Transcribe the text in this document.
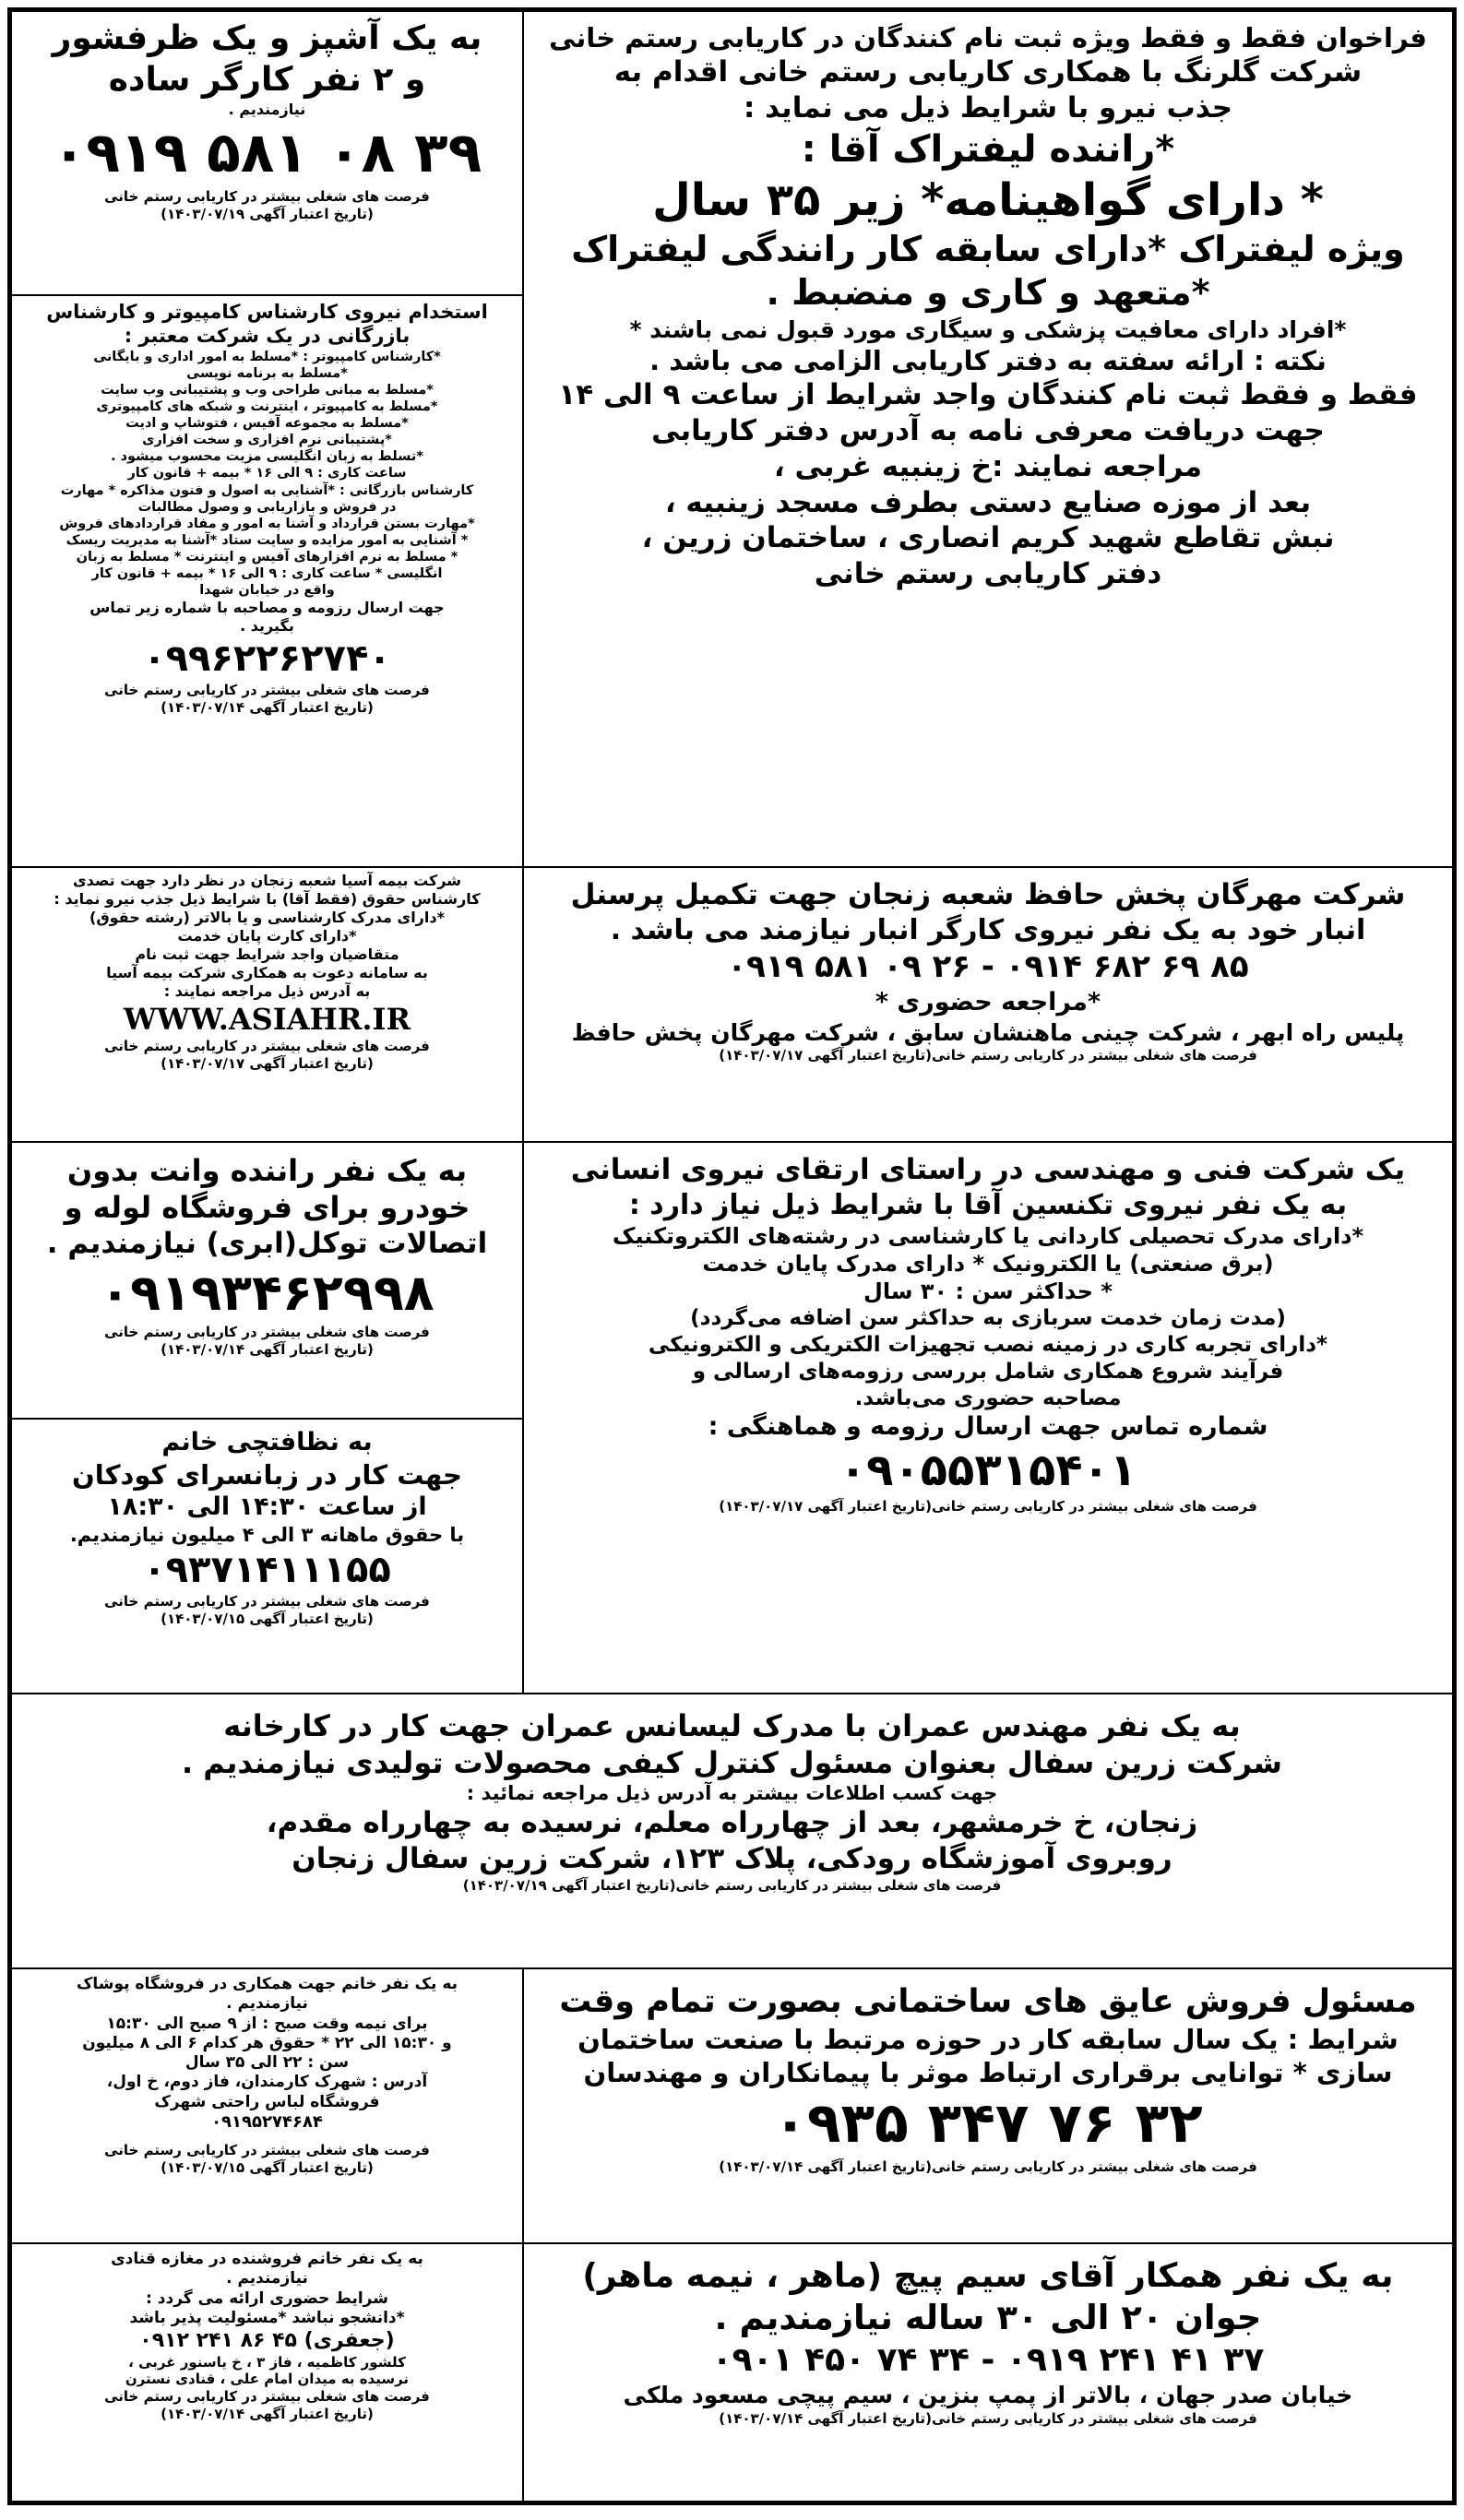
فراخوان فقط و فقط ویژه ثبت نام کنندگان در کاریابی رستم خانی

شرکت گلرنگ با همکاری کاریابی رستم خانی اقدام به

جذب نیرو با شرایط ذیل می نماید :

*راننده لیفتراک آقا :

* دارای گواهینامه* زیر ۳۵ سال

ویژه لیفتراک *دارای سابقه کار رانندگی لیفتراک

*متعهد و کاری و منضبط .

*افراد دارای معافیت پزشکی و سیگاری مورد قبول نمی باشند *

نکته : ارائه سفته به دفتر کاریابی الزامی می باشد .

فقط و فقط ثبت نام کنندگان واجد شرایط از ساعت ۹ الی ۱۴

جهت دریافت معرفی نامه به آدرس دفتر کاریابی

مراجعه نمایند :خ زینبیه غربی ،

بعد از موزه صنایع دستی بطرف مسجد زینبیه ،

نبش تقاطع شهید کریم انصاری ، ساختمان زرین ،

دفتر کاریابی رستم خانی

به یک آشپز و یک ظرفشور

و ۲ نفر کارگر ساده

نیازمندیم .

۰۹۱۹ ۵۸۱ ۰۸ ۳۹

فرصت های شغلی بیشتر در کاریابی رستم خانی

(تاریخ اعتبار آگهی ۱۴۰۳/۰۷/۱۹)

استخدام نیروی کارشناس کامپیوتر و کارشناس

بازرگانی در یک شرکت معتبر :

*کارشناس کامپیوتر : *مسلط به امور اداری و بایگانی

*مسلط به برنامه نویسی

*مسلط به مبانی طراحی وب و پشتیبانی وب سایت

*مسلط به کامپیوتر ، اینترنت و شبکه های کامپیوتری

*مسلط به مجموعه آفیس ، فتوشاپ و ادیت

*پشتیبانی نرم افزاری و سخت افزاری

*تسلط به زبان انگلیسی مزیت محسوب میشود .

ساعت کاری : ۹ الی ۱۶ * بیمه + قانون کار

کارشناس بازرگانی : *آشنایی به اصول و فنون مذاکره * مهارت

در فروش و بازاریابی و وصول مطالبات

*مهارت بستن قرارداد و آشنا به امور و مفاد قراردادهای فروش

* آشنایی به امور مزایده و سایت ستاد *آشنا به مدیریت ریسک

* مسلط به نرم افزارهای آفیس و اینترنت * مسلط به زبان

انگلیسی * ساعت کاری : ۹ الی ۱۶ * بیمه + قانون کار

واقع در خیابان شهدا

جهت ارسال رزومه و مصاحبه با شماره زیر تماس

بگیرید .

۰۹۹۶۲۲۶۲۷۴۰

فرصت های شغلی بیشتر در کاریابی رستم خانی

(تاریخ اعتبار آگهی ۱۴۰۳/۰۷/۱۴)

شرکت مهرگان پخش حافظ شعبه زنجان جهت تکمیل پرسنل

انبار خود به یک نفر نیروی کارگر انبار نیازمند می باشد .

۰۹۱۹ ۵۸۱ ۰۹ ۲۶ - ۰۹۱۴ ۶۸۲ ۶۹ ۸۵

*مراجعه حضوری *

پلیس راه ابهر ، شرکت چینی ماهنشان سابق ، شرکت مهرگان پخش حافظ

فرصت های شغلی بیشتر در کاریابی رستم خانی(تاریخ اعتبار آگهی ۱۴۰۳/۰۷/۱۷)

شرکت بیمه آسیا شعبه زنجان در نظر دارد جهت تصدی

کارشناس حقوق (فقط آقا) با شرایط ذیل جذب نیرو نماید :

*دارای مدرک کارشناسی و یا بالاتر (رشته حقوق)

*دارای کارت پایان خدمت

متقاضیان واجد شرایط جهت ثبت نام

به سامانه دعوت به همکاری شرکت بیمه آسیا

به آدرس ذیل مراجعه نمایند :

WWW.ASIAHR.IR

فرصت های شغلی بیشتر در کاریابی رستم خانی

(تاریخ اعتبار آگهی ۱۴۰۳/۰۷/۱۷)

یک شرکت فنی و مهندسی در راستای ارتقای نیروی انسانی

به یک نفر نیروی تکنسین آقا با شرایط ذیل نیاز دارد :

*دارای مدرک تحصیلی کاردانی یا کارشناسی در رشته‌های الکتروتکنیک

(برق صنعتی) یا الکترونیک * دارای مدرک پایان خدمت

* حداکثر سن : ۳۰ سال

(مدت زمان خدمت سربازی به حداکثر سن اضافه می‌گردد)

*دارای تجربه کاری در زمینه نصب تجهیزات الکتریکی و الکترونیکی

فرآیند شروع همکاری شامل بررسی رزومه‌های ارسالی و

مصاحبه حضوری می‌باشد.

شماره تماس جهت ارسال رزومه و هماهنگی :

۰۹۰۵۵۳۱۵۴۰۱

فرصت های شغلی بیشتر در کاریابی رستم خانی(تاریخ اعتبار آگهی ۱۴۰۳/۰۷/۱۷)

به یک نفر راننده وانت بدون

خودرو برای فروشگاه لوله و

اتصالات توکل(ابری) نیازمندیم .

۰۹۱۹۳۴۶۲۹۹۸

فرصت های شغلی بیشتر در کاریابی رستم خانی

(تاریخ اعتبار آگهی ۱۴۰۳/۰۷/۱۴)

به نظافتچی خانم

جهت کار در زبانسرای کودکان

از ساعت ۱۴:۳۰ الی ۱۸:۳۰

با حقوق ماهانه ۳ الی ۴ میلیون نیازمندیم.

۰۹۳۷۱۴۱۱۱۵۵

فرصت های شغلی بیشتر در کاریابی رستم خانی

(تاریخ اعتبار آگهی ۱۴۰۳/۰۷/۱۵)

به یک نفر مهندس عمران با مدرک لیسانس عمران جهت کار در کارخانه

شرکت زرین سفال بعنوان مسئول کنترل کیفی محصولات تولیدی نیازمندیم .

جهت کسب اطلاعات بیشتر به آدرس ذیل مراجعه نمائید :

زنجان، خ خرمشهر، بعد از چهارراه معلم، نرسیده به چهارراه مقدم،

روبروی آموزشگاه رودکی، پلاک ۱۲۳، شرکت زرین سفال زنجان

فرصت های شغلی بیشتر در کاریابی رستم خانی(تاریخ اعتبار آگهی ۱۴۰۳/۰۷/۱۹)

به یک نفر خانم جهت همکاری در فروشگاه پوشاک

نیازمندیم .

برای نیمه وقت صبح : از ۹ صبح الی ۱۵:۳۰

و ۱۵:۳۰ الی ۲۲ * حقوق هر کدام ۶ الی ۸ میلیون

سن : ۲۲ الی ۳۵ سال

آدرس : شهرک کارمندان، فاز دوم، خ اول،

فروشگاه لباس راحتی شهرک

۰۹۱۹۵۲۷۴۶۸۴

فرصت های شغلی بیشتر در کاریابی رستم خانی

(تاریخ اعتبار آگهی ۱۴۰۳/۰۷/۱۵)

مسئول فروش عایق های ساختمانی بصورت تمام وقت

شرایط : یک سال سابقه کار در حوزه مرتبط با صنعت ساختمان

سازی * توانایی برقراری ارتباط موثر با پیمانکاران و مهندسان

۰۹۳۵ ۳۴۷ ۷۶ ۳۲

فرصت های شغلی بیشتر در کاریابی رستم خانی(تاریخ اعتبار آگهی ۱۴۰۳/۰۷/۱۴)

به یک نفر خانم فروشنده در مغازه قنادی

نیازمندیم .

شرایط حضوری ارائه می گردد :

*دانشجو نباشد *مسئولیت پذیر باشد

(جعفری) ۰۹۱۲ ۲۴۱ ۸۶ ۴۵

کلشور کاظمیه ، فاز ۳ ، خ یاسنور غربی ،

نرسیده به میدان امام علی ، قنادی نسترن

فرصت های شغلی بیشتر در کاریابی رستم خانی

(تاریخ اعتبار آگهی ۱۴۰۳/۰۷/۱۴)

به یک نفر همکار آقای سیم پیچ (ماهر ، نیمه ماهر)

جوان ۲۰ الی ۳۰ ساله نیازمندیم .

۰۹۰۱ ۴۵۰ ۷۴ ۳۴ - ۰۹۱۹ ۲۴۱ ۴۱ ۳۷

خیابان صدر جهان ، بالاتر از پمپ بنزین ، سیم پیچی مسعود ملکی

فرصت های شغلی بیشتر در کاریابی رستم خانی(تاریخ اعتبار آگهی ۱۴۰۳/۰۷/۱۴)
